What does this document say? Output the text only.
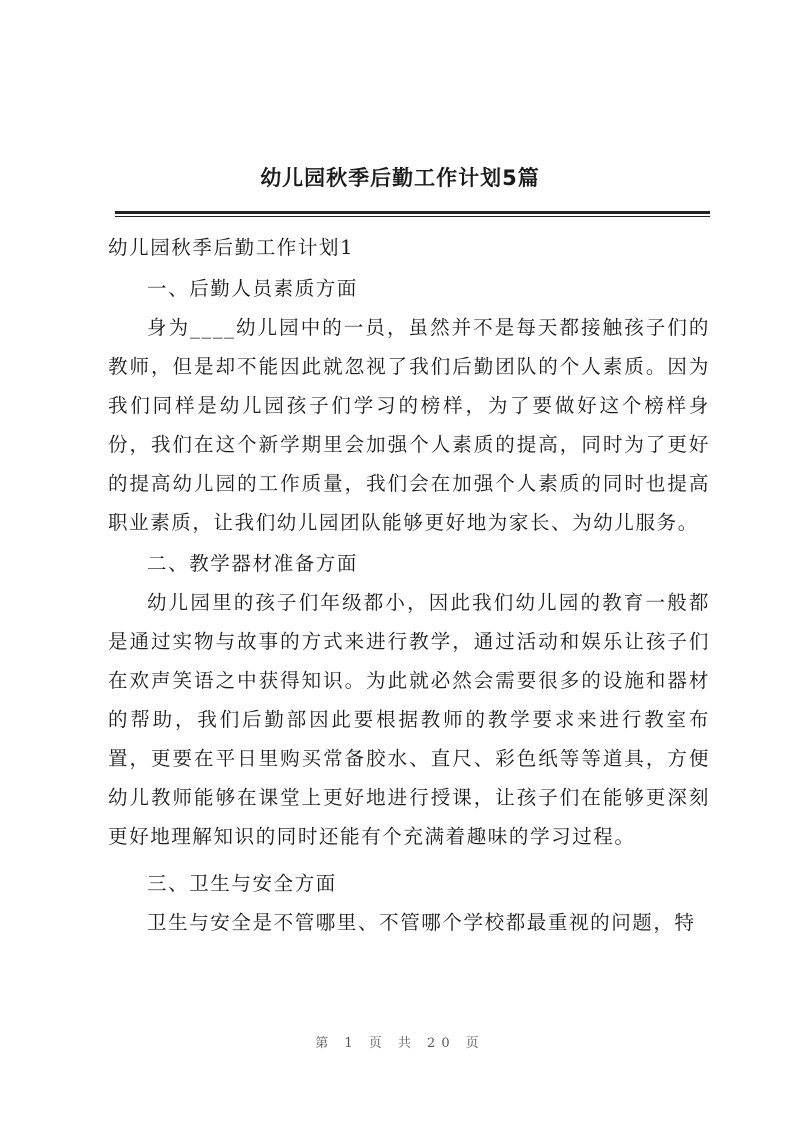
幼儿园秋季后勤工作计划5篇

幼儿园秋季后勤工作计划1

一、后勤人员素质方面

身为____幼儿园中的一员，虽然并不是每天都接触孩子们的教师，但是却不能因此就忽视了我们后勤团队的个人素质。因为我们同样是幼儿园孩子们学习的榜样，为了要做好这个榜样身份，我们在这个新学期里会加强个人素质的提高，同时为了更好的提高幼儿园的工作质量，我们会在加强个人素质的同时也提高职业素质，让我们幼儿园团队能够更好地为家长、为幼儿服务。

二、教学器材准备方面

幼儿园里的孩子们年级都小，因此我们幼儿园的教育一般都是通过实物与故事的方式来进行教学，通过活动和娱乐让孩子们在欢声笑语之中获得知识。为此就必然会需要很多的设施和器材的帮助，我们后勤部因此要根据教师的教学要求来进行教室布置，更要在平日里购买常备胶水、直尺、彩色纸等等道具，方便幼儿教师能够在课堂上更好地进行授课，让孩子们在能够更深刻更好地理解知识的同时还能有个充满着趣味的学习过程。

三、卫生与安全方面

卫生与安全是不管哪里、不管哪个学校都最重视的问题，特

第 1 页 共 20 页
